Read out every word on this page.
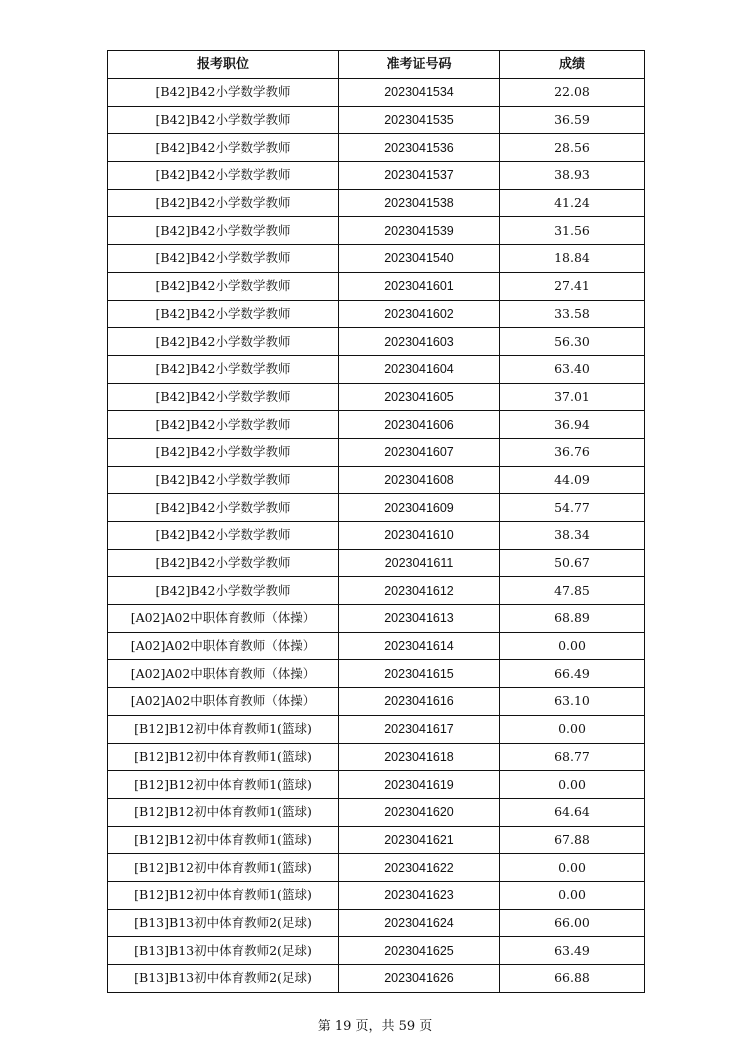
报考职位	准考证号码	成绩
[B42]B42小学数学教师	2023041534	22.08
[B42]B42小学数学教师	2023041535	36.59
[B42]B42小学数学教师	2023041536	28.56
[B42]B42小学数学教师	2023041537	38.93
[B42]B42小学数学教师	2023041538	41.24
[B42]B42小学数学教师	2023041539	31.56
[B42]B42小学数学教师	2023041540	18.84
[B42]B42小学数学教师	2023041601	27.41
[B42]B42小学数学教师	2023041602	33.58
[B42]B42小学数学教师	2023041603	56.30
[B42]B42小学数学教师	2023041604	63.40
[B42]B42小学数学教师	2023041605	37.01
[B42]B42小学数学教师	2023041606	36.94
[B42]B42小学数学教师	2023041607	36.76
[B42]B42小学数学教师	2023041608	44.09
[B42]B42小学数学教师	2023041609	54.77
[B42]B42小学数学教师	2023041610	38.34
[B42]B42小学数学教师	2023041611	50.67
[B42]B42小学数学教师	2023041612	47.85
[A02]A02中职体育教师（体操）	2023041613	68.89
[A02]A02中职体育教师（体操）	2023041614	0.00
[A02]A02中职体育教师（体操）	2023041615	66.49
[A02]A02中职体育教师（体操）	2023041616	63.10
[B12]B12初中体育教师1(篮球)	2023041617	0.00
[B12]B12初中体育教师1(篮球)	2023041618	68.77
[B12]B12初中体育教师1(篮球)	2023041619	0.00
[B12]B12初中体育教师1(篮球)	2023041620	64.64
[B12]B12初中体育教师1(篮球)	2023041621	67.88
[B12]B12初中体育教师1(篮球)	2023041622	0.00
[B12]B12初中体育教师1(篮球)	2023041623	0.00
[B13]B13初中体育教师2(足球)	2023041624	66.00
[B13]B13初中体育教师2(足球)	2023041625	63.49
[B13]B13初中体育教师2(足球)	2023041626	66.88
第 19 页，共 59 页
